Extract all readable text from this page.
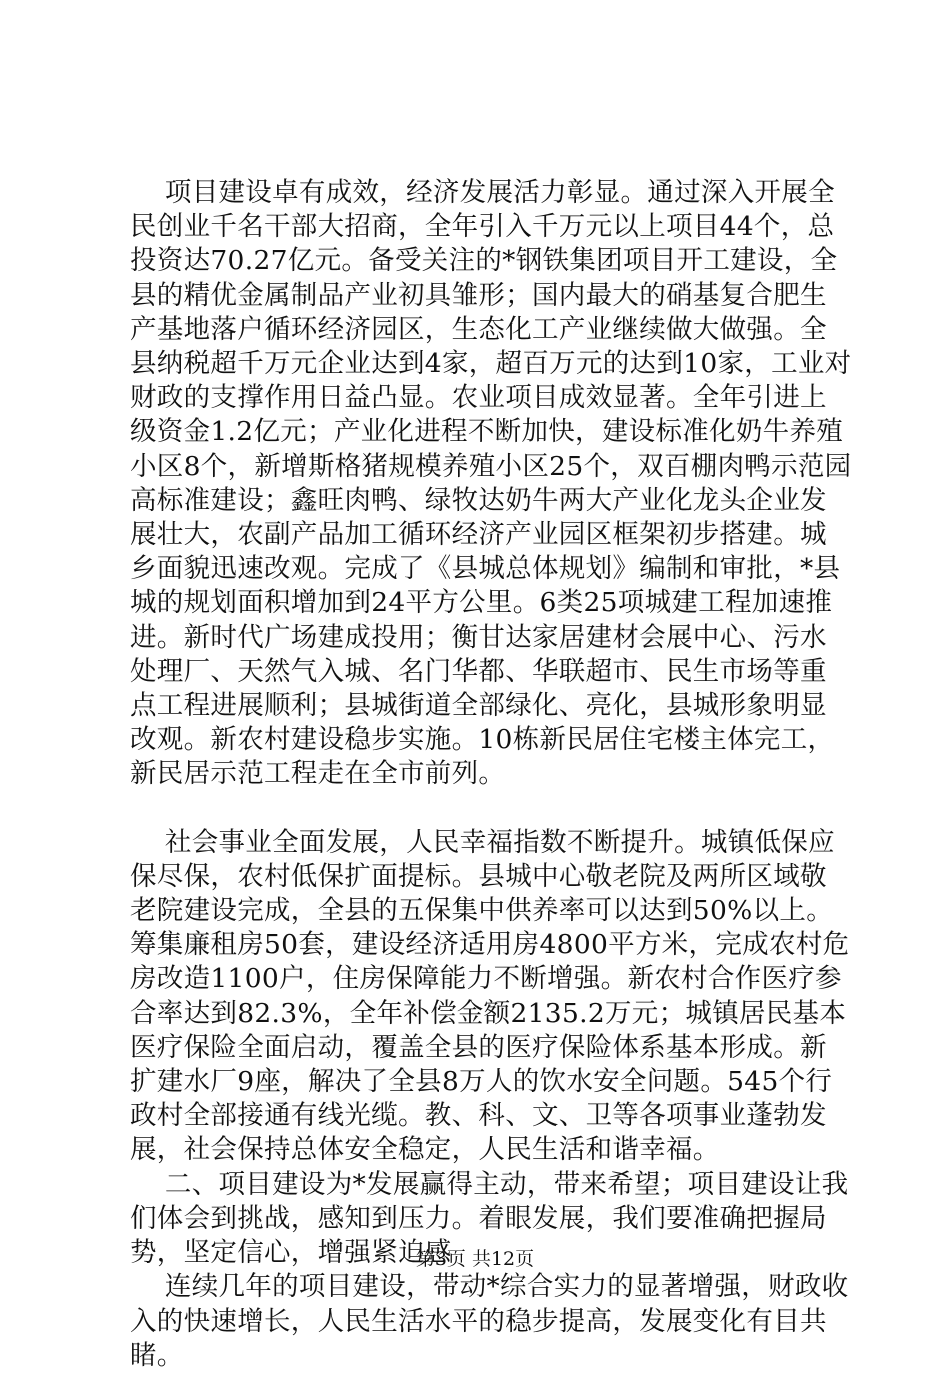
项目建设卓有成效，经济发展活力彰显。通过深入开展全民创业千名干部大招商，全年引入千万元以上项目44个，总投资达70.27亿元。备受关注的*钢铁集团项目开工建设，全县的精优金属制品产业初具雏形；国内最大的硝基复合肥生产基地落户循环经济园区，生态化工产业继续做大做强。全县纳税超千万元企业达到4家，超百万元的达到10家，工业对财政的支撑作用日益凸显。农业项目成效显著。全年引进上级资金1.2亿元；产业化进程不断加快，建设标准化奶牛养殖小区8个，新增斯格猪规模养殖小区25个，双百棚肉鸭示范园高标准建设；鑫旺肉鸭、绿牧达奶牛两大产业化龙头企业发展壮大，农副产品加工循环经济产业园区框架初步搭建。城乡面貌迅速改观。完成了《县城总体规划》编制和审批，*县城的规划面积增加到24平方公里。6类25项城建工程加速推进。新时代广场建成投用；衡甘达家居建材会展中心、污水处理厂、天然气入城、名门华都、华联超市、民生市场等重点工程进展顺利；县城街道全部绿化、亮化，县城形象明显改观。新农村建设稳步实施。10栋新民居住宅楼主体完工，新民居示范工程走在全市前列。

社会事业全面发展，人民幸福指数不断提升。城镇低保应保尽保，农村低保扩面提标。县城中心敬老院及两所区域敬老院建设完成，全县的五保集中供养率可以达到50%以上。筹集廉租房50套，建设经济适用房4800平方米，完成农村危房改造1100户，住房保障能力不断增强。新农村合作医疗参合率达到82.3%，全年补偿金额2135.2万元；城镇居民基本医疗保险全面启动，覆盖全县的医疗保险体系基本形成。新扩建水厂9座，解决了全县8万人的饮水安全问题。545个行政村全部接通有线光缆。教、科、文、卫等各项事业蓬勃发展，社会保持总体安全稳定，人民生活和谐幸福。

二、项目建设为*发展赢得主动，带来希望；项目建设让我们体会到挑战，感知到压力。着眼发展，我们要准确把握局势，坚定信心，增强紧迫感

连续几年的项目建设，带动*综合实力的显著增强，财政收入的快速增长，人民生活水平的稳步提高，发展变化有目共睹。

第3页 共12页
